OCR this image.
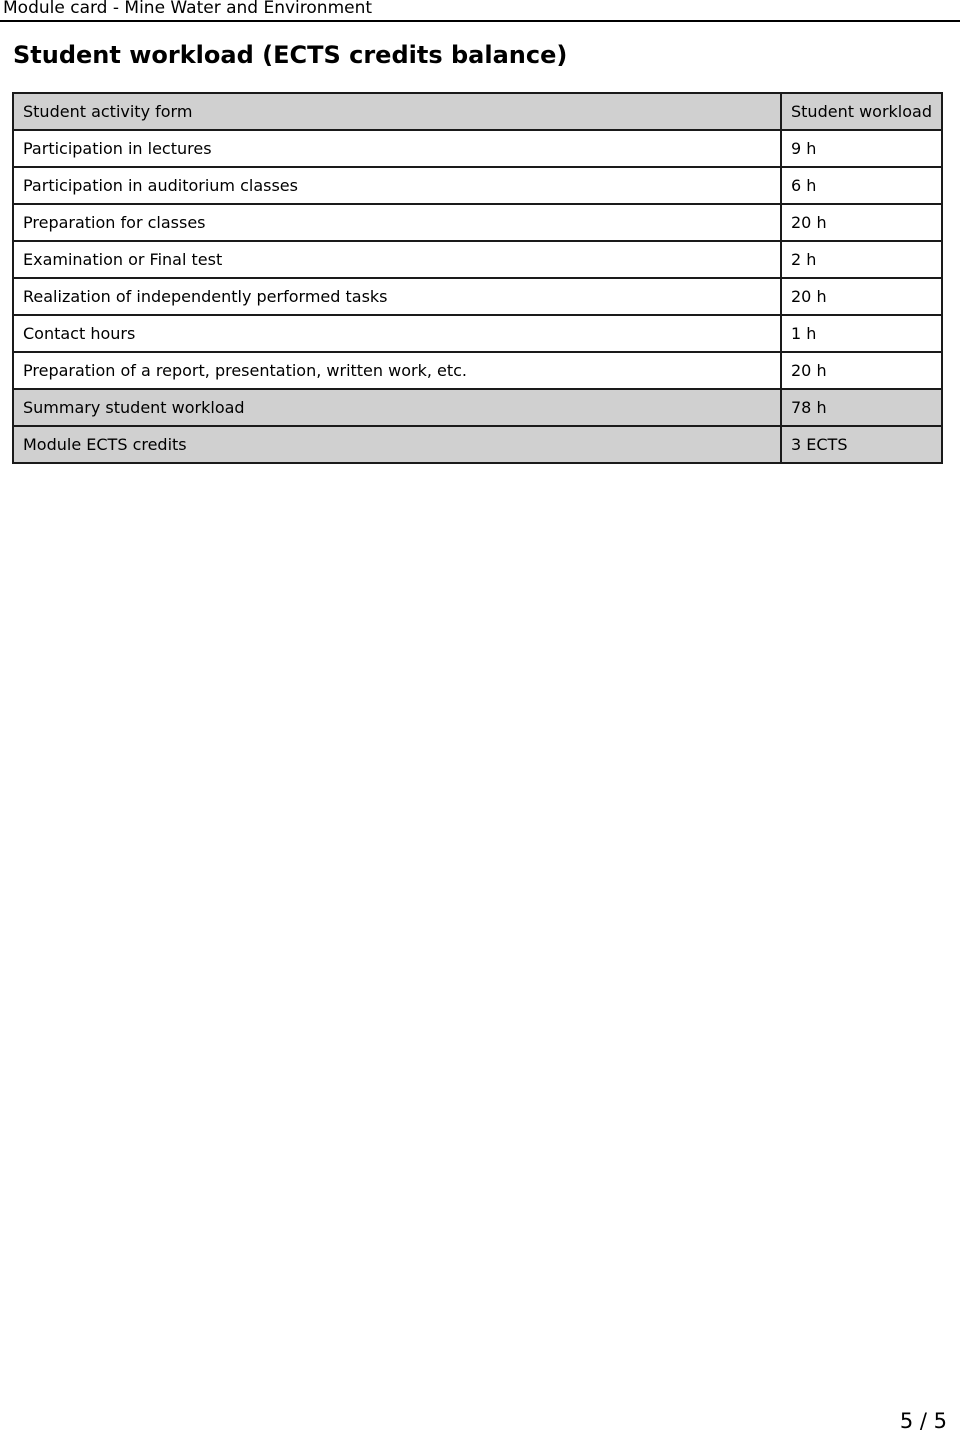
Module card - Mine Water and Environment
Student workload (ECTS credits balance)
Student activity form	Student workload
Participation in lectures	9 h
Participation in auditorium classes	6 h
Preparation for classes	20 h
Examination or Final test	2 h
Realization of independently performed tasks	20 h
Contact hours	1 h
Preparation of a report, presentation, written work, etc.	20 h
Summary student workload	78 h
Module ECTS credits	3 ECTS
5 / 5
